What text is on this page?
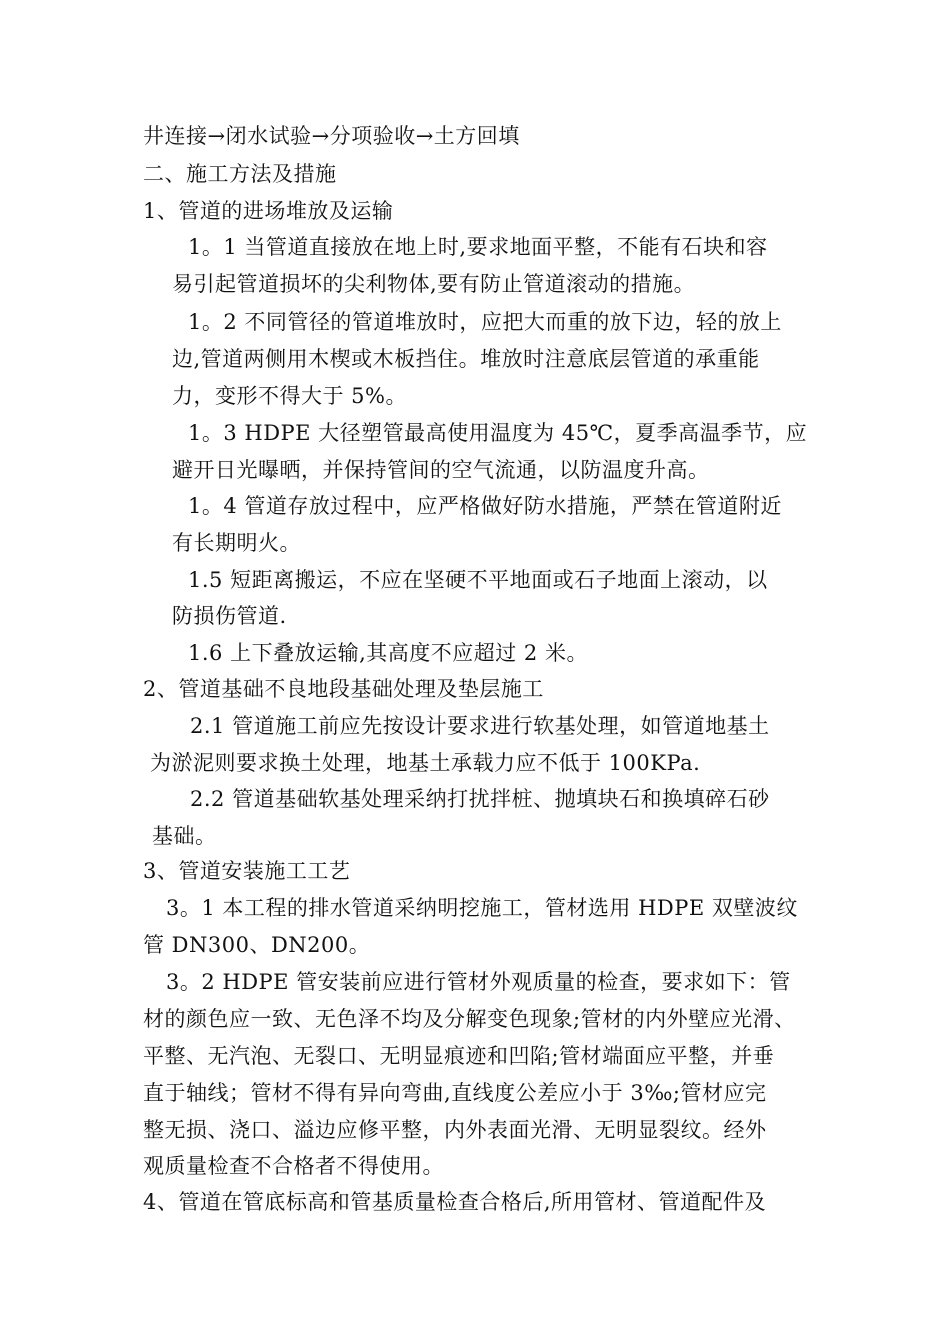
井连接→闭水试验→分项验收→土方回填
二、施工方法及措施
1、管道的进场堆放及运输
1。1 当管道直接放在地上时,要求地面平整，不能有石块和容
易引起管道损坏的尖利物体,要有防止管道滚动的措施。
1。2 不同管径的管道堆放时，应把大而重的放下边，轻的放上
边,管道两侧用木楔或木板挡住。堆放时注意底层管道的承重能
力，变形不得大于 5%。
1。3 HDPE 大径塑管最高使用温度为 45℃，夏季高温季节，应
避开日光曝晒，并保持管间的空气流通，以防温度升高。
1。4 管道存放过程中，应严格做好防水措施，严禁在管道附近
有长期明火。
1.5 短距离搬运，不应在坚硬不平地面或石子地面上滚动，以
防损伤管道.
1.6 上下叠放运输,其高度不应超过 2 米。
2、管道基础不良地段基础处理及垫层施工
2.1 管道施工前应先按设计要求进行软基处理，如管道地基土
为淤泥则要求换土处理，地基土承载力应不低于 100KPa.
2.2 管道基础软基处理采纳打扰拌桩、抛填块石和换填碎石砂
基础。
3、管道安装施工工艺
3。1 本工程的排水管道采纳明挖施工，管材选用 HDPE 双壁波纹
管 DN300、DN200。
3。2 HDPE 管安装前应进行管材外观质量的检查，要求如下：管
材的颜色应一致、无色泽不均及分解变色现象;管材的内外壁应光滑、
平整、无汽泡、无裂口、无明显痕迹和凹陷;管材端面应平整，并垂
直于轴线；管材不得有异向弯曲,直线度公差应小于 3‰;管材应完
整无损、浇口、溢边应修平整，内外表面光滑、无明显裂纹。经外
观质量检查不合格者不得使用。
4、管道在管底标高和管基质量检查合格后,所用管材、管道配件及
